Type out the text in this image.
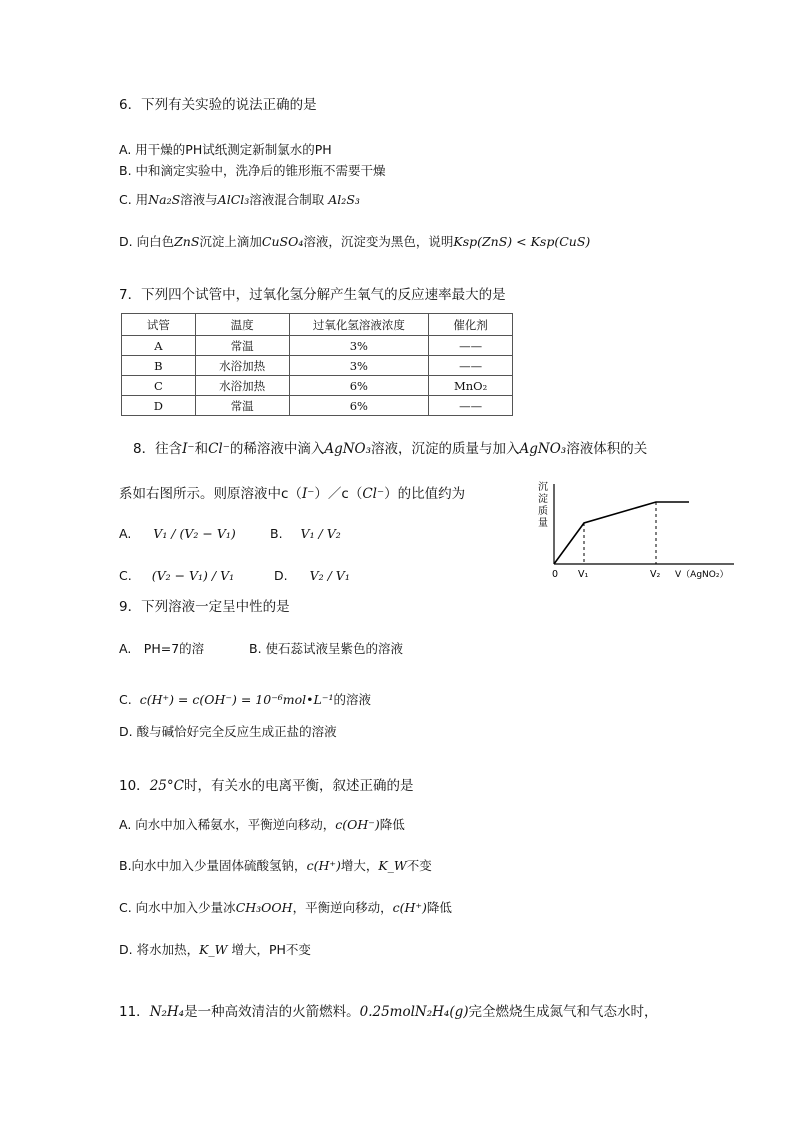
6．下列有关实验的说法正确的是
A. 用干燥的PH试纸测定新制氯水的PH
B. 中和滴定实验中，洗净后的锥形瓶不需要干燥
C. 用Na₂S溶液与AlCl₃溶液混合制取 Al₂S₃
D. 向白色ZnS沉淀上滴加CuSO₄溶液，沉淀变为黑色，说明Ksp(ZnS) < Ksp(CuS)
7．下列四个试管中，过氧化氢分解产生氧气的反应速率最大的是
试管	温度	过氧化氢溶液浓度	催化剂
A	常温	3%	——
B	水浴加热	3%	——
C	水浴加热	6%	MnO₂
D	常温	6%	——
8．往含I⁻和Cl⁻的稀溶液中滴入AgNO₃溶液，沉淀的质量与加入AgNO₃溶液体积的关
系如右图所示。则原溶液中c（I⁻）／c（Cl⁻）的比值约为
A. V₁ / (V₂ − V₁)	B. V₁ / V₂
C. (V₂ − V₁) / V₁	D. V₂ / V₁
沉
淀
质
量
0 V₁	V₂ V（AgNO₂）
9．下列溶液一定呈中性的是
A.　PH=7的溶	B. 使石蕊试液呈紫色的溶液
C. c(H⁺) = c(OH⁻) = 10⁻⁶mol•L⁻¹的溶液
D. 酸与碱恰好完全反应生成正盐的溶液
10．25°C时，有关水的电离平衡，叙述正确的是
A. 向水中加入稀氨水，平衡逆向移动，c(OH⁻)降低
B.向水中加入少量固体硫酸氢钠，c(H⁺)增大，K_W不变
C. 向水中加入少量冰CH₃OOH，平衡逆向移动，c(H⁺)降低
D. 将水加热，K_W 增大，PH不变
11．N₂H₄是一种高效清洁的火箭燃料。0.25molN₂H₄(g)完全燃烧生成氮气和气态水时，
